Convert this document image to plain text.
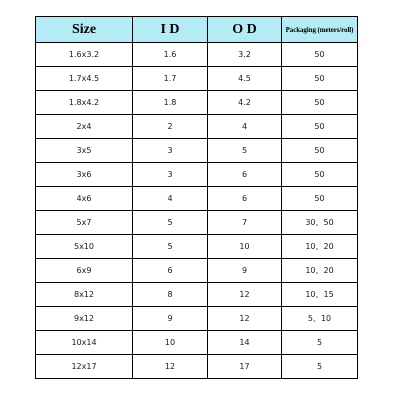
Size	I D	O D	Packaging (meters/roll)
1.6x3.2	1.6	3.2	50
1.7x4.5	1.7	4.5	50
1.8x4.2	1.8	4.2	50
2x4	2	4	50
3x5	3	5	50
3x6	3	6	50
4x6	4	6	50
5x7	5	7	30、50
5x10	5	10	10、20
6x9	6	9	10、20
8x12	8	12	10、15
9x12	9	12	5、10
10x14	10	14	5
12x17	12	17	5
